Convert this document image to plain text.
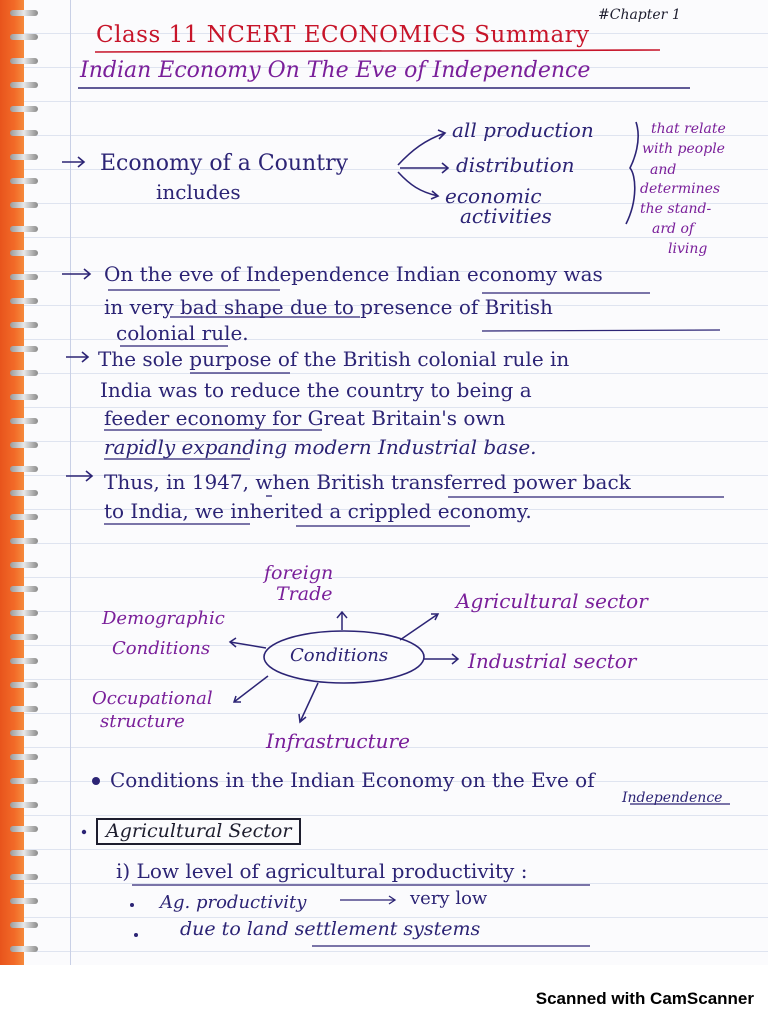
#Chapter 1
Class 11 NCERT ECONOMICS Summary
Indian Economy On The Eve of Independence
Economy of a Country
includes
all production
distribution
economic
activities
that relate
with people
and
determines
the stand-
ard of
living
On the eve of Independence Indian economy was
in very bad shape due to presence of British
colonial rule.
The sole purpose of the British colonial rule in
India was to reduce the country to being a
feeder economy for Great Britain's own
rapidly expanding modern Industrial base.
Thus, in 1947, when British transferred power back
to India, we inherited a crippled economy.
Conditions
foreign
Trade	Agricultural sector
Industrial sector
Infrastructure
Occupational
structure
Demographic
Conditions
Conditions in the Indian Economy on the Eve of
Independence
Agricultural Sector
i) Low level of agricultural productivity :
Ag. productivity	very low
due to land settlement systems
Scanned with CamScanner
